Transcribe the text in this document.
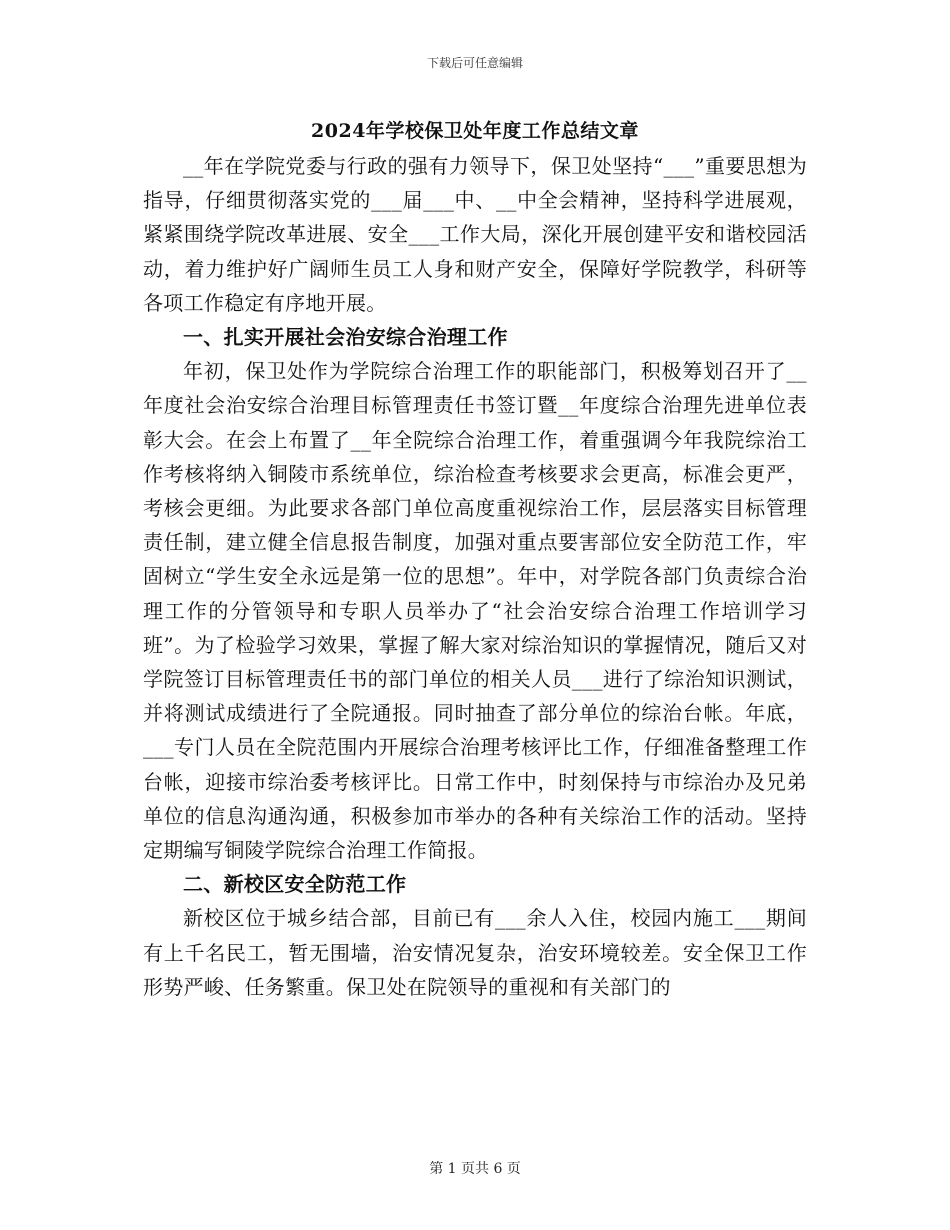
下载后可任意编辑
2024年学校保卫处年度工作总结文章

__年在学院党委与行政的强有力领导下，保卫处坚持“___”重要思想为指导，仔细贯彻落实党的___届___中、__中全会精神，坚持科学进展观，紧紧围绕学院改革进展、安全___工作大局，深化开展创建平安和谐校园活动，着力维护好广阔师生员工人身和财产安全，保障好学院教学，科研等各项工作稳定有序地开展。

一、扎实开展社会治安综合治理工作

年初，保卫处作为学院综合治理工作的职能部门，积极筹划召开了__年度社会治安综合治理目标管理责任书签订暨__年度综合治理先进单位表彰大会。在会上布置了__年全院综合治理工作，着重强调今年我院综治工作考核将纳入铜陵市系统单位，综治检查考核要求会更高，标准会更严，考核会更细。为此要求各部门单位高度重视综治工作，层层落实目标管理责任制，建立健全信息报告制度，加强对重点要害部位安全防范工作，牢固树立“学生安全永远是第一位的思想”。年中，对学院各部门负责综合治理工作的分管领导和专职人员举办了“社会治安综合治理工作培训学习班”。为了检验学习效果，掌握了解大家对综治知识的掌握情况，随后又对学院签订目标管理责任书的部门单位的相关人员___进行了综治知识测试，并将测试成绩进行了全院通报。同时抽查了部分单位的综治台帐。年底，___专门人员在全院范围内开展综合治理考核评比工作，仔细准备整理工作台帐，迎接市综治委考核评比。日常工作中，时刻保持与市综治办及兄弟单位的信息沟通沟通，积极参加市举办的各种有关综治工作的活动。坚持定期编写铜陵学院综合治理工作简报。

二、新校区安全防范工作

新校区位于城乡结合部，目前已有___余人入住，校园内施工___期间有上千名民工，暂无围墙，治安情况复杂，治安环境较差。安全保卫工作形势严峻、任务繁重。保卫处在院领导的重视和有关部门的

第 1 页共 6 页
